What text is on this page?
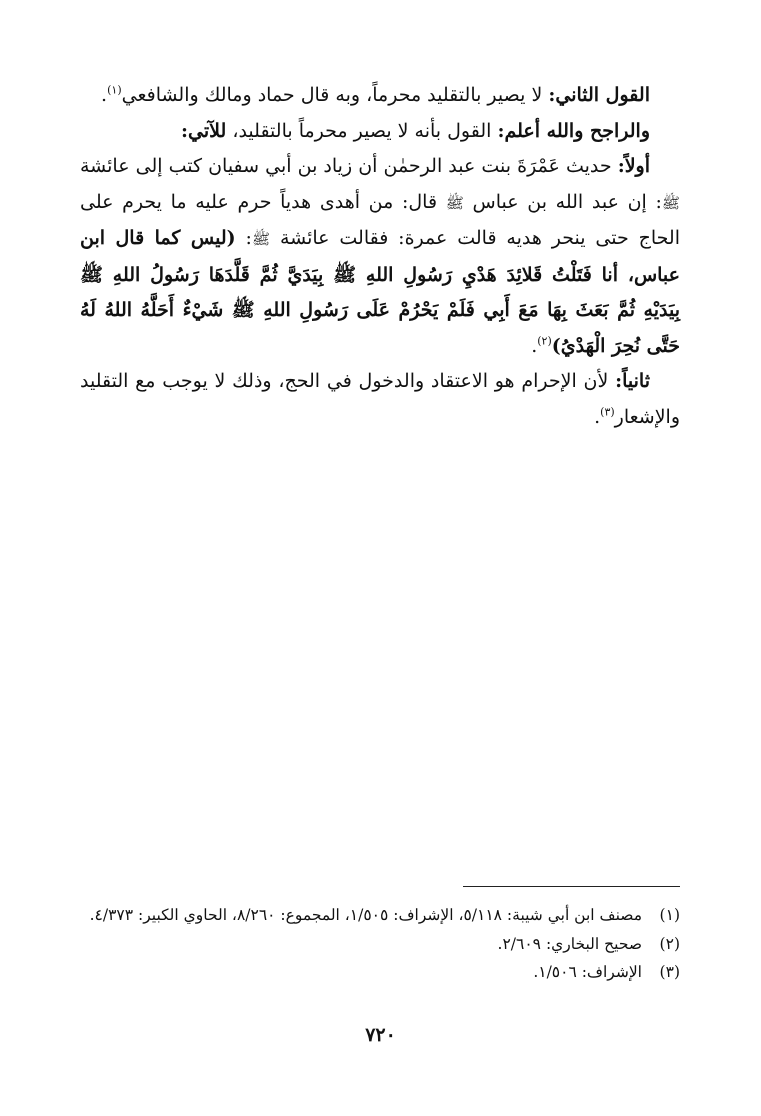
القول الثاني: لا يصير بالتقليد محرماً، وبه قال حماد ومالك والشافعي$^{(١)}$.

والراجح والله أعلم: القول بأنه لا يصير محرماً بالتقليد، للآتي:

أولاً: حديث عَمْرَةَ بنت عبد الرحمٰن أن زياد بن أبي سفيان كتب إلى عائشة ﷺ: إن عبد الله بن عباس ﷺ قال: من أهدى هدياً حرم عليه ما يحرم على الحاج حتى ينحر هديه قالت عمرة: فقالت عائشة ﷺ: (ليس كما قال ابن عباس، أنا فَتَلْتُ قَلائِدَ هَدْيِ رَسُولِ اللهِ ﷺ بِيَدَيَّ ثُمَّ قَلَّدَهَا رَسُولُ اللهِ ﷺ بِيَدَيْهِ ثُمَّ بَعَثَ بِهَا مَعَ أَبِي فَلَمْ يَحْرُمْ عَلَى رَسُولِ اللهِ ﷺ شَيْءٌ أَحَلَّهُ اللهُ لَهُ حَتَّى نُحِرَ الْهَدْيُ)$^{(٢)}$.

ثانياً: لأن الإحرام هو الاعتقاد والدخول في الحج، وذلك لا يوجب مع التقليد والإشعار$^{(٣)}$.

(١)
مصنف ابن أبي شيبة: ٥/١١٨، الإشراف: ١/٥٠٥، المجموع: ٨/٢٦٠، الحاوي الكبير: ٤/٣٧٣.

(٢)
صحيح البخاري: ٢/٦٠٩.

(٣)
الإشراف: ١/٥٠٦.

٧٢٠
